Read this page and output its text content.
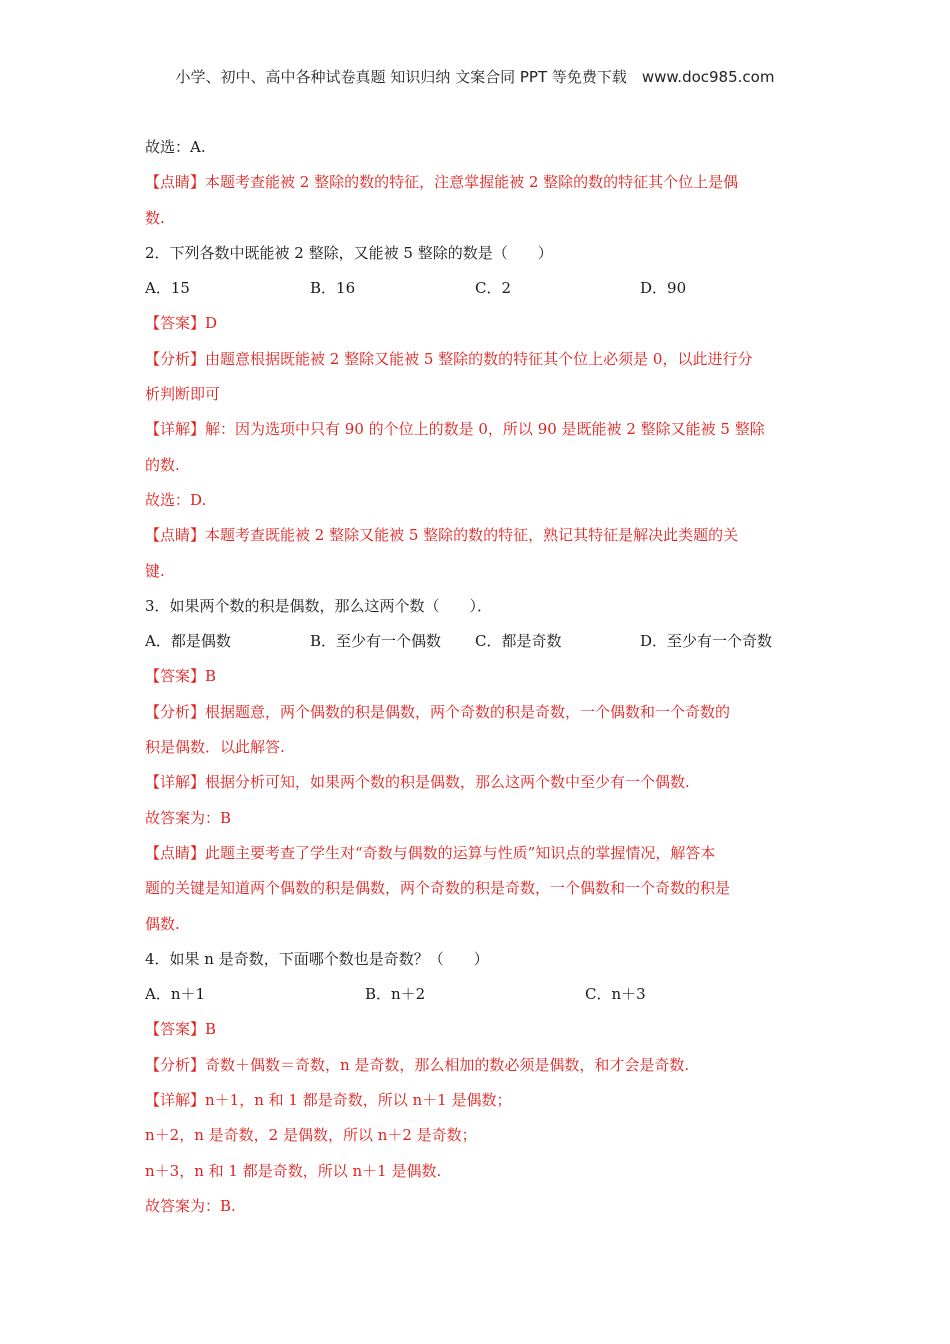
小学、初中、高中各种试卷真题 知识归纳 文案合同 PPT 等免费下载　www.doc985.com
故选：A.
【点睛】本题考查能被 2 整除的数的特征，注意掌握能被 2 整除的数的特征其个位上是偶
数.
2．下列各数中既能被 2 整除，又能被 5 整除的数是（　　）
A．15	B．16	C．2	D．90
【答案】D
【分析】由题意根据既能被 2 整除又能被 5 整除的数的特征其个位上必须是 0，以此进行分
析判断即可
【详解】解：因为选项中只有 90 的个位上的数是 0，所以 90 是既能被 2 整除又能被 5 整除
的数.
故选：D.
【点睛】本题考查既能被 2 整除又能被 5 整除的数的特征，熟记其特征是解决此类题的关
键.
3．如果两个数的积是偶数，那么这两个数（　　）．
A．都是偶数	B．至少有一个偶数	C．都是奇数	D．至少有一个奇数
【答案】B
【分析】根据题意，两个偶数的积是偶数，两个奇数的积是奇数，一个偶数和一个奇数的
积是偶数．以此解答.
【详解】根据分析可知，如果两个数的积是偶数，那么这两个数中至少有一个偶数.
故答案为：B
【点睛】此题主要考查了学生对“奇数与偶数的运算与性质”知识点的掌握情况，解答本
题的关键是知道两个偶数的积是偶数，两个奇数的积是奇数，一个偶数和一个奇数的积是
偶数.
4．如果 n 是奇数，下面哪个数也是奇数？（　　）
A．n＋1	B．n＋2	C．n＋3
【答案】B
【分析】奇数＋偶数＝奇数，n 是奇数，那么相加的数必须是偶数，和才会是奇数.
【详解】n＋1，n 和 1 都是奇数，所以 n＋1 是偶数；
n＋2，n 是奇数，2 是偶数，所以 n＋2 是奇数；
n＋3，n 和 1 都是奇数，所以 n＋1 是偶数.
故答案为：B.
